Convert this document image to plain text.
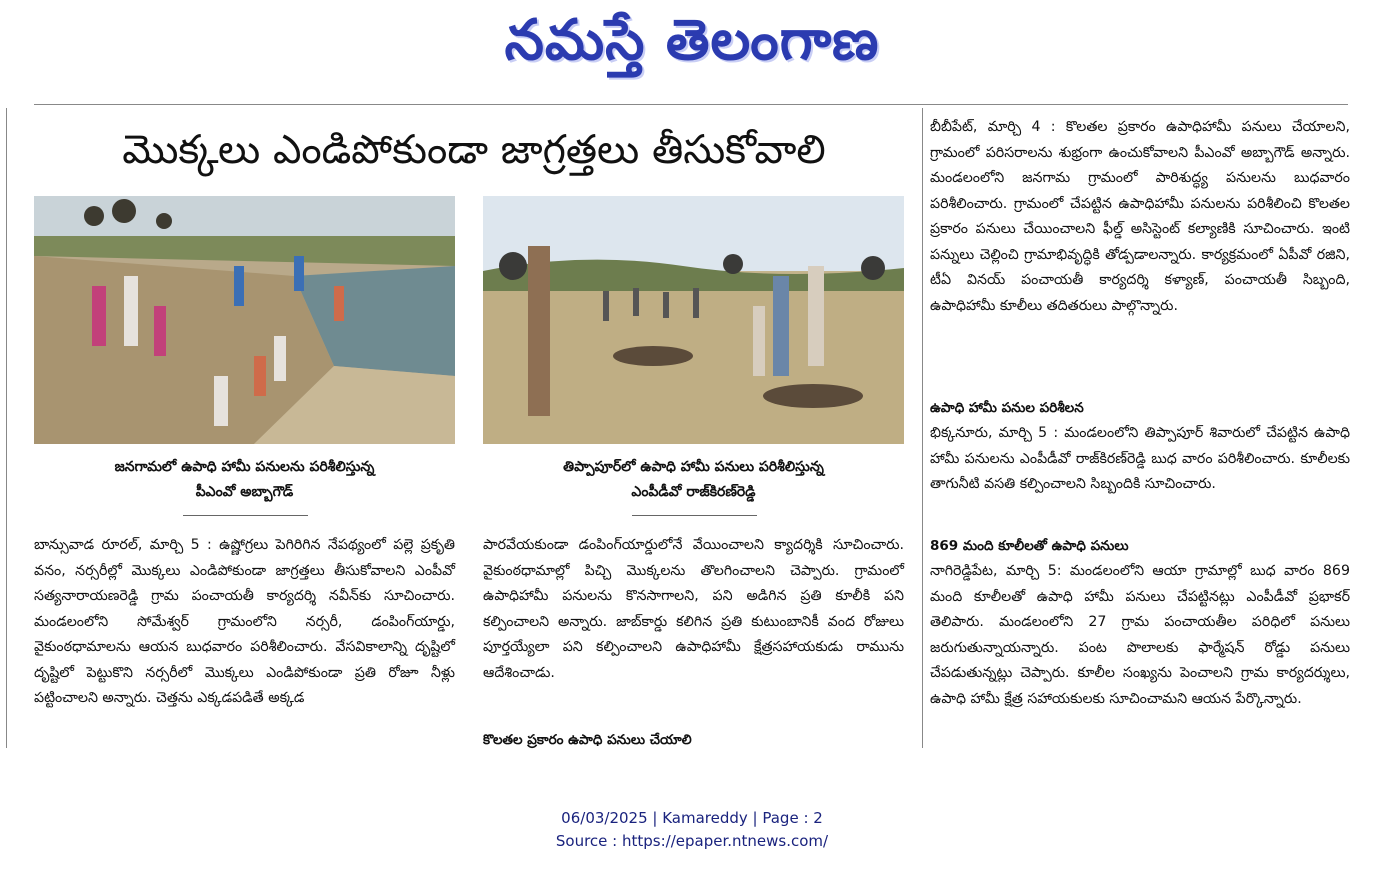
నమస్తే తెలంగాణ
మొక్కలు ఎండిపోకుండా జాగ్రత్తలు తీసుకోవాలి
జనగామలో ఉపాధి హామీ పనులను పరిశీలిస్తున్న
పీఎంవో అబ్బాగౌడ్
తిప్పాపూర్‌లో ఉపాధి హామీ పనులు పరిశీలిస్తున్న
ఎంపీడీవో రాజ్‌కిరణ్‌రెడ్డి

బాన్సువాడ రూరల్, మార్చి 5 : ఉష్ణోగ్రలు పెగిరిగిన నేపథ్యంలో పల్లె ప్రకృతి వనం, నర్సరీల్లో మొక్కలు ఎండిపోకుండా జాగ్రత్తలు తీసుకోవాలని ఎంపీవో సత్యనారాయణరెడ్డి గ్రామ పంచాయతీ కార్యదర్శి నవీన్‌కు సూచించారు. మండలంలోని సోమేశ్వర్ గ్రామంలోని నర్సరీ, డంపింగ్‌యార్డు, వైకుంఠధామాలను ఆయన బుధవారం పరిశీలించారు. వేసవికాలాన్ని దృష్టిలో దృష్టిలో పెట్టుకొని నర్సరీలో మొక్కలు ఎండిపోకుండా ప్రతి రోజూ నీళ్లు పట్టించాలని అన్నారు. చెత్తను ఎక్కడపడితే అక్కడ

పారవేయకుండా డంపింగ్‌యార్డులోనే వేయించాలని క్యాదర్శికి సూచించారు. వైకుంఠధామాల్లో పిచ్చి మొక్కలను తొలగించాలని చెప్పారు. గ్రామంలో ఉపాధిహామీ పనులను కొనసాగాలని, పని అడిగిన ప్రతి కూలీకి పని కల్పించాలని అన్నారు. జాబ్‌కార్డు కలిగిన ప్రతి కుటుంబానికీ వంద రోజులు పూర్తయ్యేలా పని కల్పించాలని ఉపాధిహామీ క్షేత్రసహాయకుడు రామును ఆదేశించాడు.

కొలతల ప్రకారం ఉపాధి పనులు చేయాలి

బీబీపేట్, మార్చి 4 : కొలతల ప్రకారం ఉపాధిహామీ పనులు చేయాలని, గ్రామంలో పరిసరాలను శుభ్రంగా ఉంచుకోవాలని పీఎంవో అబ్బాగౌడ్ అన్నారు. మండలంలోని జనగామ గ్రామంలో పారిశుద్ధ్య పనులను బుధవారం పరిశీలించారు. గ్రామంలో చేపట్టిన ఉపాధిహామీ పనులను పరిశీలించి కొలతల ప్రకారం పనులు చేయించాలని ఫీల్డ్ అసిస్టెంట్ కల్యాణికి సూచించారు. ఇంటి పన్నులు చెల్లించి గ్రామాభివృద్ధికి తోడ్పడాలన్నారు. కార్యక్రమంలో ఏపీవో రజిని, టీఏ వినయ్ పంచాయతీ కార్యదర్శి కళ్యాణ్, పంచాయతీ సిబ్బంది, ఉపాధిహామీ కూలీలు తదితరులు పాల్గొన్నారు.

ఉపాధి హామీ పనుల పరిశీలన

భిక్కనూరు, మార్చి 5 : మండలంలోని తిప్పాపూర్ శివారులో చేపట్టిన ఉపాధి హామీ పనులను ఎంపీడీవో రాజ్‌కిరణ్‌రెడ్డి బుధ వారం పరిశీలించారు. కూలీలకు తాగునీటి వసతి కల్పించాలని సిబ్బందికి సూచించారు.

869 మంది కూలీలతో ఉపాధి పనులు

నాగిరెడ్డిపేట, మార్చి 5: మండలంలోని ఆయా గ్రామాల్లో బుధ వారం 869 మంది కూలీలతో ఉపాధి హామీ పనులు చేపట్టినట్లు ఎంపీడీవో ప్రభాకర్ తెలిపారు. మండలంలోని 27 గ్రామ పంచాయతీల పరిధిలో పనులు జరుగుతున్నాయన్నారు. పంట పొలాలకు ఫార్మేషన్ రోడ్డు పనులు చేపడుతున్నట్లు చెప్పారు. కూలీల సంఖ్యను పెంచాలని గ్రామ కార్యదర్శులు, ఉపాధి హామీ క్షేత్ర సహాయకులకు సూచించామని ఆయన పేర్కొన్నారు.

06/03/2025 | Kamareddy | Page : 2
Source : https://epaper.ntnews.com/
